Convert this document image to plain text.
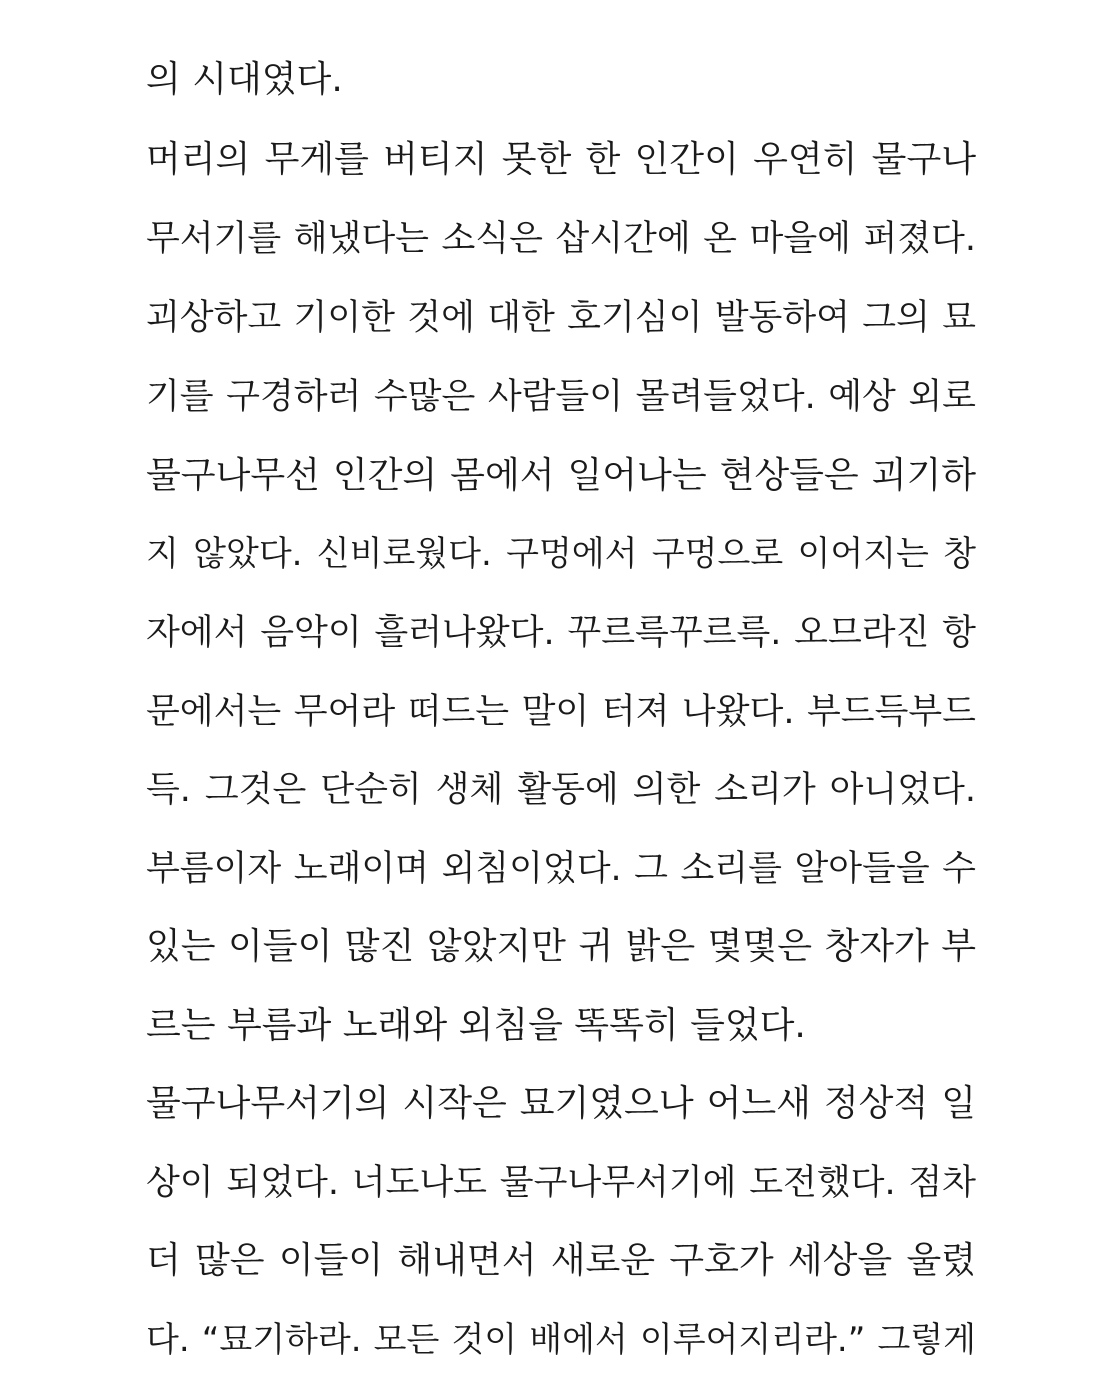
의 시대였다.
머리의 무게를 버티지 못한 한 인간이 우연히 물구나
무서기를 해냈다는 소식은 삽시간에 온 마을에 퍼졌다.
괴상하고 기이한 것에 대한 호기심이 발동하여 그의 묘
기를 구경하러 수많은 사람들이 몰려들었다. 예상 외로
물구나무선 인간의 몸에서 일어나는 현상들은 괴기하
지 않았다. 신비로웠다. 구멍에서 구멍으로 이어지는 창
자에서 음악이 흘러나왔다. 꾸르륵꾸르륵. 오므라진 항
문에서는 무어라 떠드는 말이 터져 나왔다. 부드득부드
득. 그것은 단순히 생체 활동에 의한 소리가 아니었다.
부름이자 노래이며 외침이었다. 그 소리를 알아들을 수
있는 이들이 많진 않았지만 귀 밝은 몇몇은 창자가 부
르는 부름과 노래와 외침을 똑똑히 들었다.
물구나무서기의 시작은 묘기였으나 어느새 정상적 일
상이 되었다. 너도나도 물구나무서기에 도전했다. 점차
더 많은 이들이 해내면서 새로운 구호가 세상을 울렸
다. “묘기하라. 모든 것이 배에서 이루어지리라.” 그렇게
